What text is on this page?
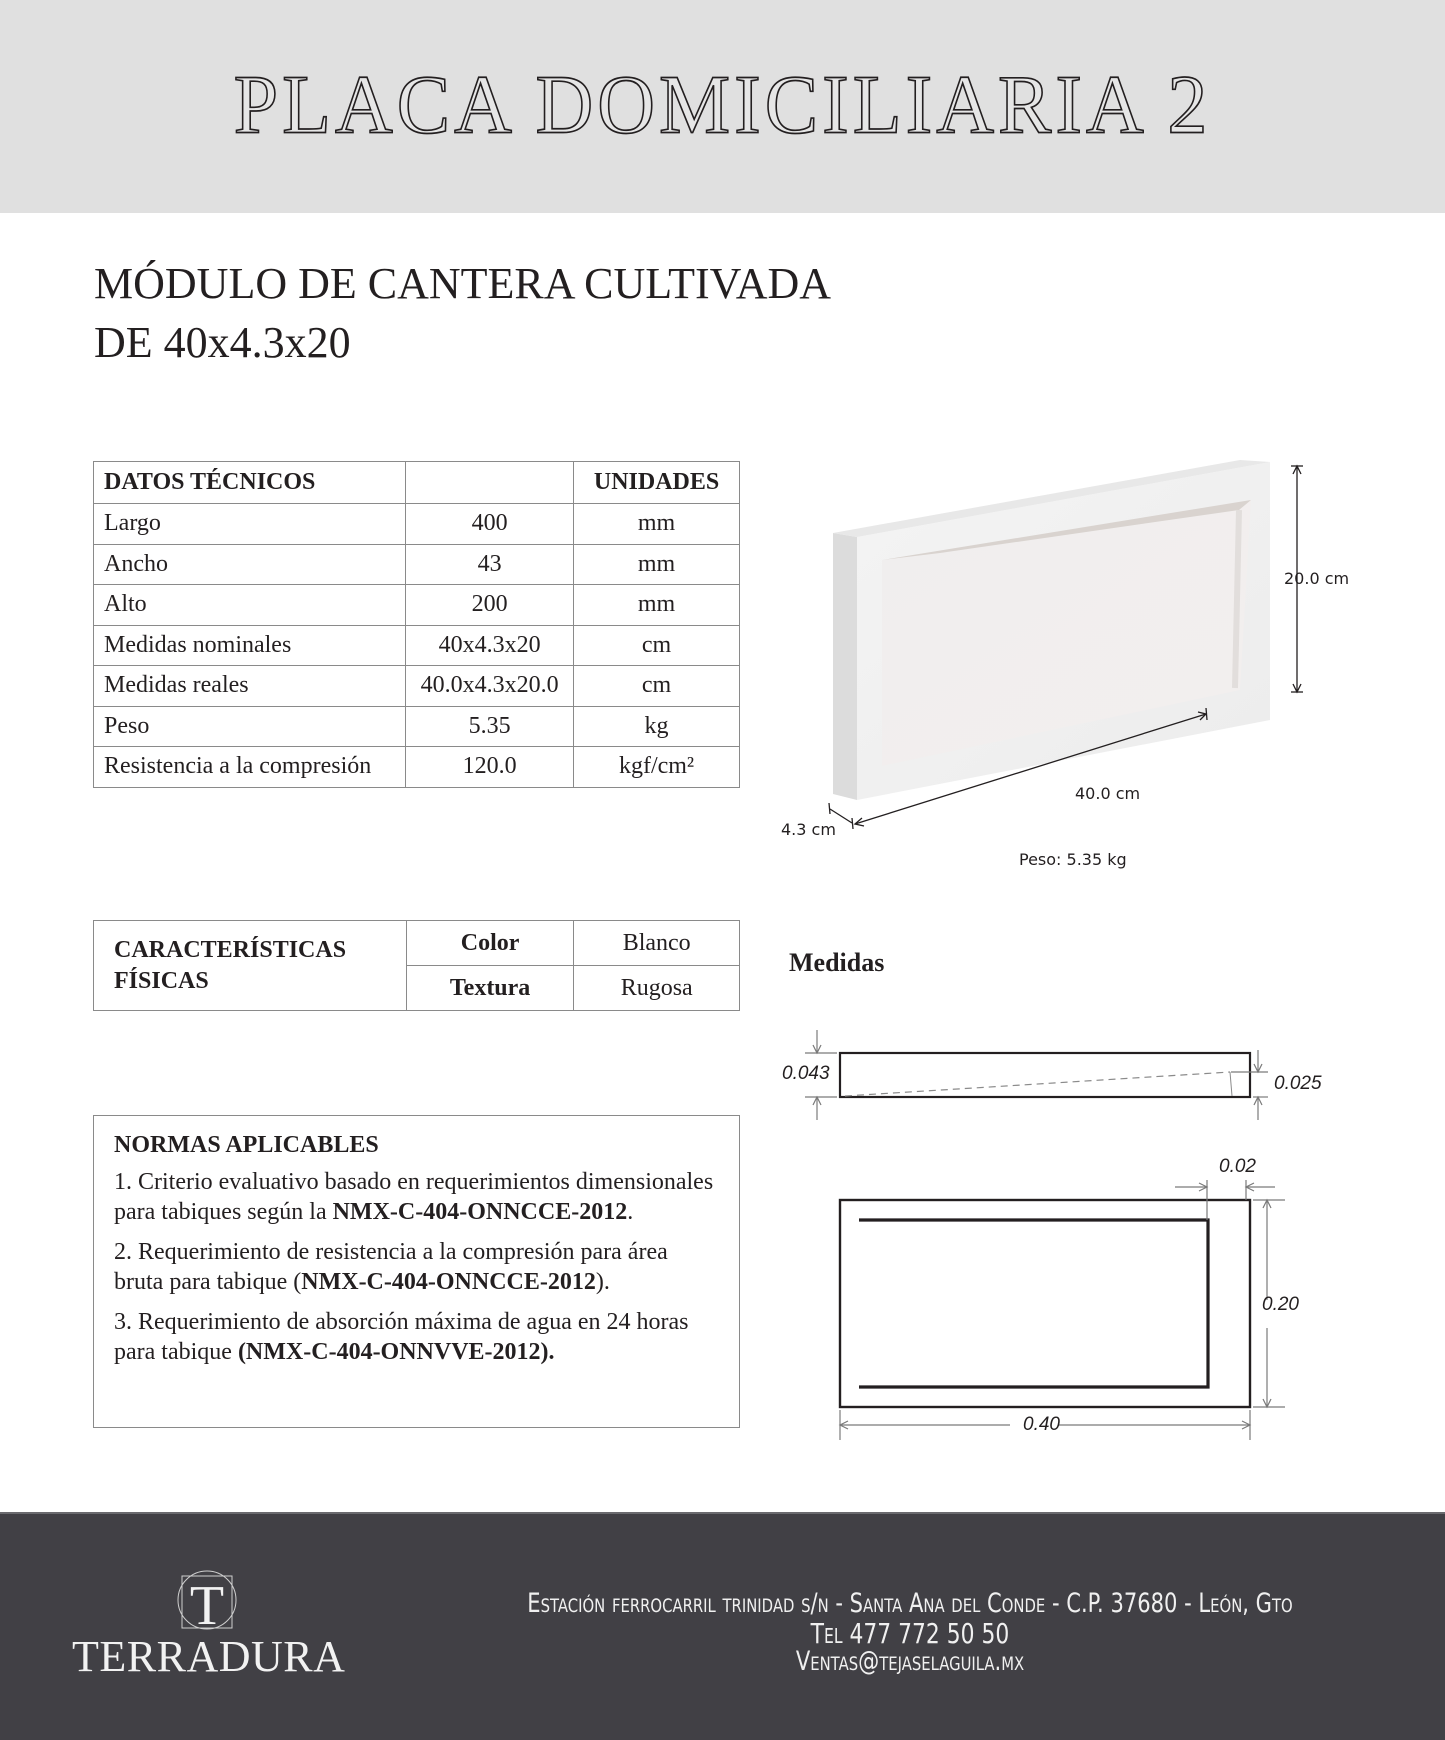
PLACA DOMICILIARIA 2
MÓDULO DE CANTERA CULTIVADA
DE 40x4.3x20
DATOS TÉCNICOS		UNIDADES
Largo	400	mm
Ancho	43	mm
Alto	200	mm
Medidas nominales	40x4.3x20	cm
Medidas reales	40.0x4.3x20.0	cm
Peso	5.35	kg
Resistencia a la compresión	120.0	kgf/cm²
20.0 cm
40.0 cm
4.3 cm
Peso: 5.35 kg
CARACTERÍSTICAS
FÍSICAS	Color	Blanco
	Textura	Rugosa
NORMAS APLICABLES
1. Criterio evaluativo basado en requerimientos dimensionales para tabiques según la NMX-C-404-ONNCCE-2012.
2. Requerimiento de resistencia a la compresión para área bruta para tabique (NMX-C-404-ONNCCE-2012).
3. Requerimiento de absorción máxima de agua en 24 horas para tabique (NMX-C-404-ONNVVE-2012).
Medidas
0.043	0.025
0.02
0.20
0.40
T
TERRADURA
Estación ferrocarril trinidad s/n - Santa Ana del Conde - C.P. 37680 - León, Gto
Tel 477 772 50 50
Ventas@tejaselaguila.mx
